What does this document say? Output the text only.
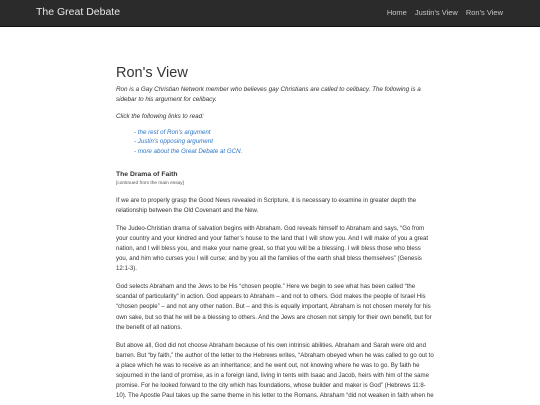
The Great Debate	Home Justin's View Ron's View
Ron's View

Ron is a Gay Christian Network member who believes gay Christians are called to celibacy. The following is a sidebar to his argument for celibacy.

Click the following links to read:

- the rest of Ron's argument
- Justin's opposing argument
- more about the Great Debate at GCN.
The Drama of Faith
[continued from the main essay]

If we are to properly grasp the Good News revealed in Scripture, it is necessary to examine in greater depth the relationship between the Old Covenant and the New.

The Judeo-Christian drama of salvation begins with Abraham. God reveals himself to Abraham and says, “Go from your country and your kindred and your father’s house to the land that I will show you. And I will make of you a great nation, and I will bless you, and make your name great, so that you will be a blessing. I will bless those who bless you, and him who curses you I will curse; and by you all the families of the earth shall bless themselves” (Genesis 12:1-3).

God selects Abraham and the Jews to be His “chosen people.” Here we begin to see what has been called “the scandal of particularity” in action. God appears to Abraham – and not to others. God makes the people of Israel His “chosen people” – and not any other nation. But – and this is equally important, Abraham is not chosen merely for his own sake, but so that he will be a blessing to others. And the Jews are chosen not simply for their own benefit, but for the benefit of all nations.

But above all, God did not choose Abraham because of his own intrinsic abilities. Abraham and Sarah were old and barren. But “by faith,” the author of the letter to the Hebrews writes, “Abraham obeyed when he was called to go out to a place which he was to receive as an inheritance; and he went out, not knowing where he was to go. By faith he sojourned in the land of promise, as in a foreign land, living in tents with Isaac and Jacob, heirs with him of the same promise. For he looked forward to the city which has foundations, whose builder and maker is God” (Hebrews 11:8-10). The Apostle Paul takes up the same theme in his letter to the Romans. Abraham “did not weaken in faith when he
